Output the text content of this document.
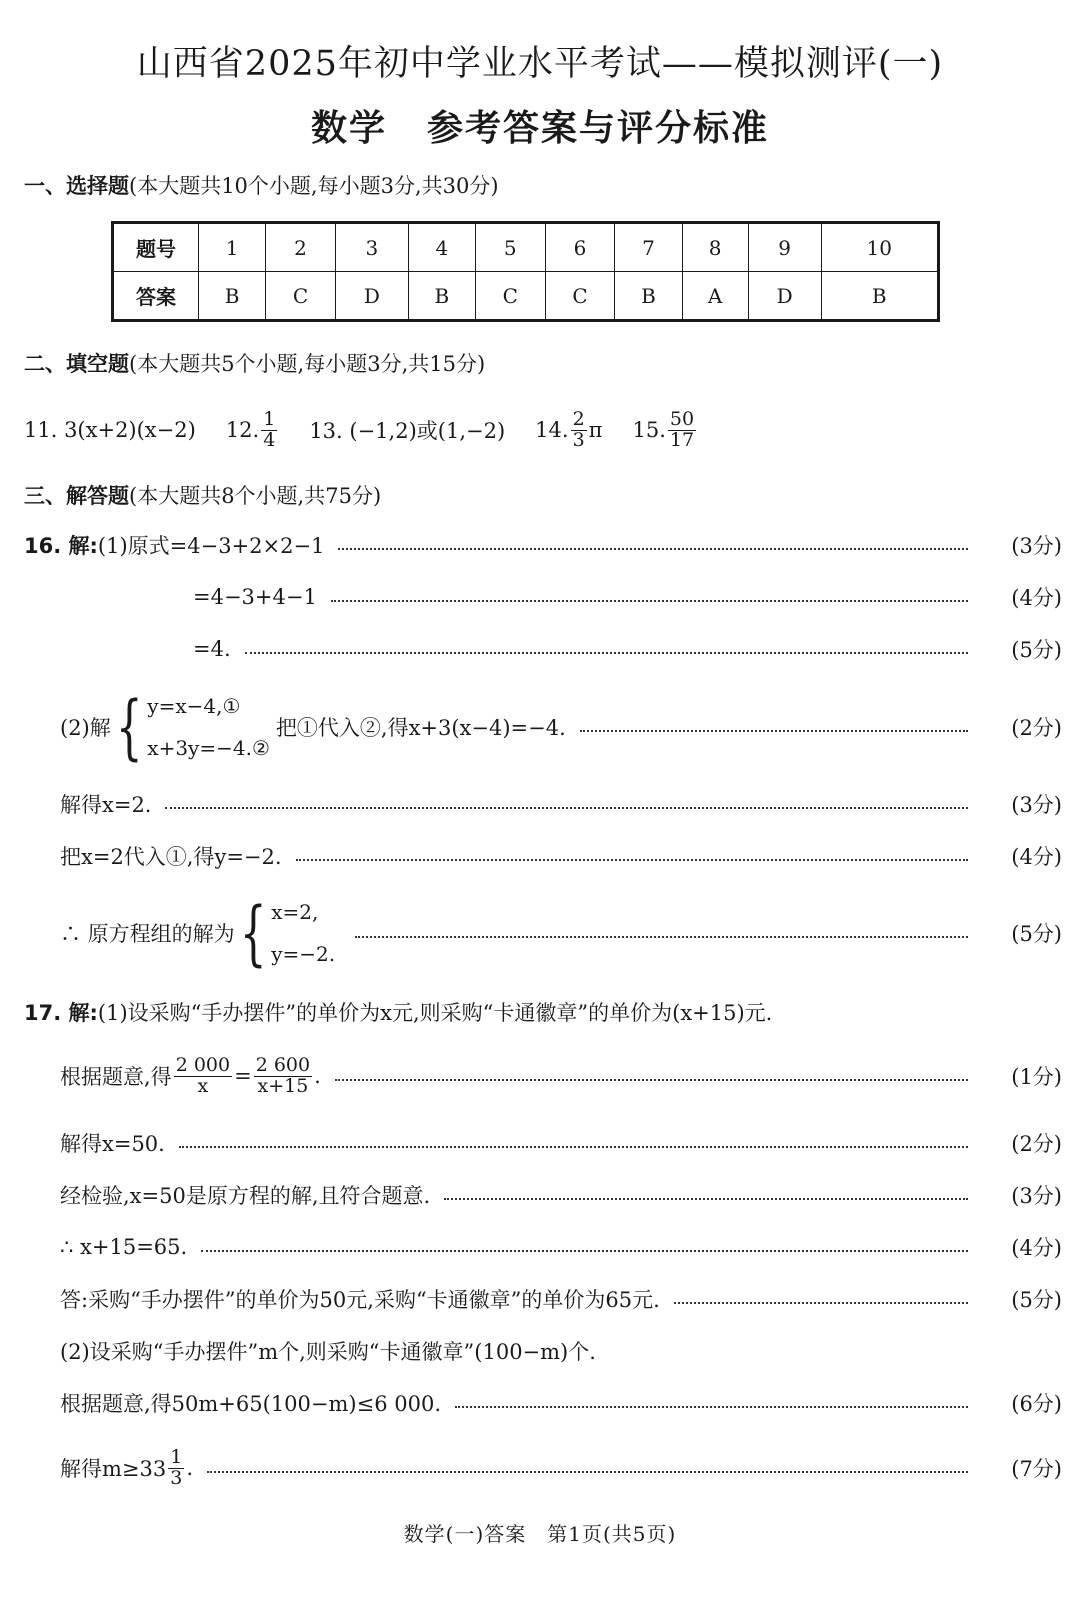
山西省2025年初中学业水平考试——模拟测评(一)
数学 参考答案与评分标准
一、选择题(本大题共10个小题,每小题3分,共30分)
题号	1	2	3	4	5	6	7	8	9	10
答案	B	C	D	B	C	C	B	A	D	B
二、填空题(本大题共5个小题,每小题3分,共15分)
11. 3(x+2)(x−2) 12. $\frac{1}{4} 13$. (−1,2)或(1,−2) 14. $\frac{2}{3}$ π 15. $\frac{50}{17}$
三、解答题(本大题共8个小题,共75分)
16. 解: (1)原式=4−3+2×2−1	(3分)
=4−3+4−1	(4分)
=4.	(5分)
(2)解 { y=x−4,①
x+3y=−4.②
把①代入②,得x+3(x−4)=−4.	(2分)
解得x=2.	(3分)
把x=2代入①,得y=−2.	(4分)
∴ 原方程组的解为 { x=2,
y=−2.
(5分)
17. 解: (1)设采购“手办摆件”的单价为x元,则采购“卡通徽章”的单价为(x+15)元.
根据题意,得 $\frac{2 000}{x} = \frac{2 600}{x+15}$ .	(1分)
解得x=50.	(2分)
经检验,x=50是原方程的解,且符合题意.	(3分)
∴ x+15=65.	(4分)
答:采购“手办摆件”的单价为50元,采购“卡通徽章”的单价为65元.	(5分)
(2)设采购“手办摆件”m个,则采购“卡通徽章”(100−m)个.
根据题意,得50m+65(100−m)≤6 000.	(6分)
解得$m\ge 33 \frac{1}{3}$ .	(7分)
数学(一)答案　第1页(共5页)
